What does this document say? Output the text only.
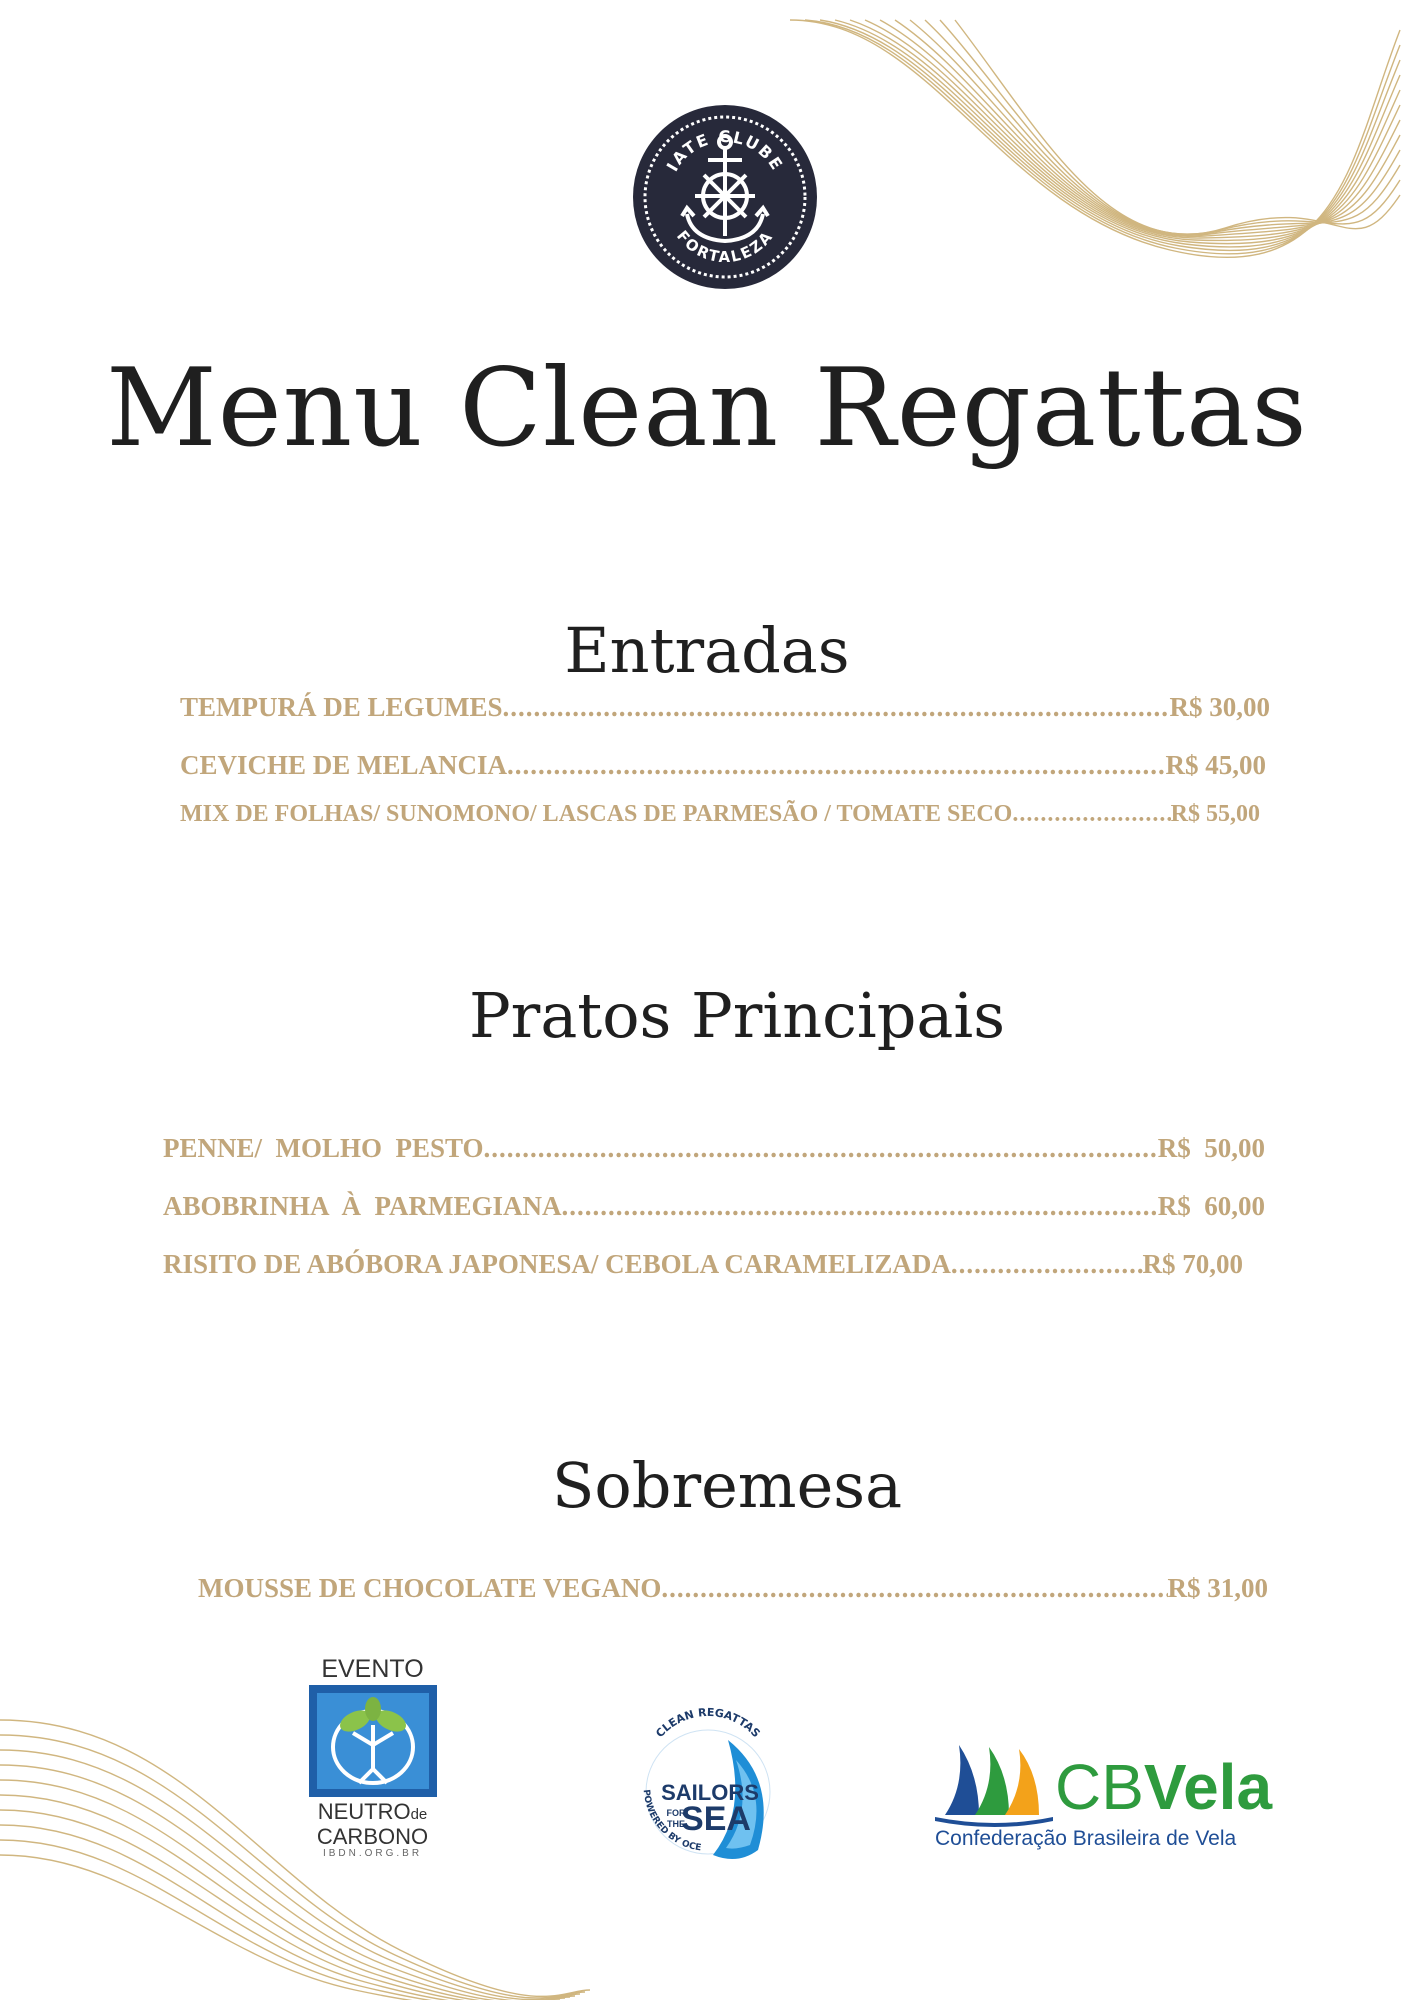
IATE CLUBE
FORTALEZA
Menu Clean Regattas
Entradas
TEMPURÁ DE LEGUMES .....	R$ 30,00
CEVICHE DE MELANCIA .....	R$ 45,00
MIX DE FOLHAS/ SUNOMONO/ LASCAS DE PARMESÃO / TOMATE SECO .....	R$ 55,00
Pratos Principais
PENNE/  MOLHO  PESTO .....	R$  50,00
ABOBRINHA  À  PARMEGIANA .....	R$  60,00
RISITO DE ABÓBORA JAPONESA/ CEBOLA CARAMELIZADA .....	R$ 70,00
Sobremesa
MOUSSE DE CHOCOLATE VEGANO .....	R$ 31,00
EVENTO
NEUTROde
CARBONO
IBDN.ORG.BR
CLEAN REGATTAS
POWERED BY OCE
SAILORS
FOR
THE
SEA	CBVela
Confederação Brasileira de Vela
